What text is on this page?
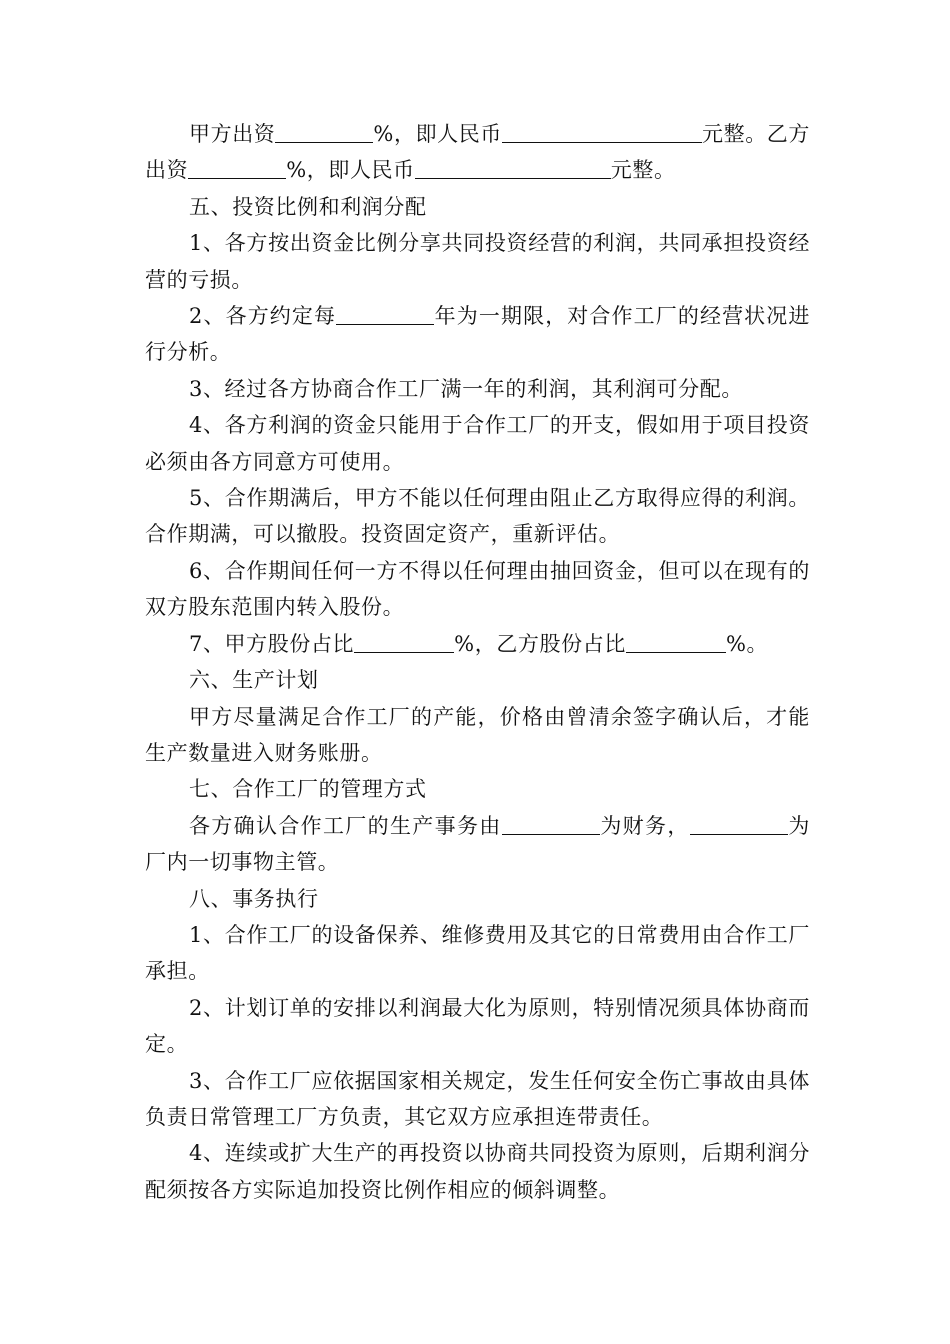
甲方出资	%，即人民币	元整。乙方出资	%，即人民币	元整。

五、投资比例和利润分配

1、各方按出资金比例分享共同投资经营的利润，共同承担投资经营的亏损。

2、各方约定每	年为一期限，对合作工厂的经营状况进行分析。

3、经过各方协商合作工厂满一年的利润，其利润可分配。

4、各方利润的资金只能用于合作工厂的开支，假如用于项目投资必须由各方同意方可使用。

5、合作期满后，甲方不能以任何理由阻止乙方取得应得的利润。合作期满，可以撤股。投资固定资产，重新评估。

6、合作期间任何一方不得以任何理由抽回资金，但可以在现有的双方股东范围内转入股份。

7、甲方股份占比	%，乙方股份占比	%。

六、生产计划

甲方尽量满足合作工厂的产能，价格由曾清余签字确认后，才能生产数量进入财务账册。

七、合作工厂的管理方式

各方确认合作工厂的生产事务由	为财务，	为厂内一切事物主管。

八、事务执行

1、合作工厂的设备保养、维修费用及其它的日常费用由合作工厂承担。

2、计划订单的安排以利润最大化为原则，特别情况须具体协商而定。

3、合作工厂应依据国家相关规定，发生任何安全伤亡事故由具体负责日常管理工厂方负责，其它双方应承担连带责任。

4、连续或扩大生产的再投资以协商共同投资为原则，后期利润分配须按各方实际追加投资比例作相应的倾斜调整。
